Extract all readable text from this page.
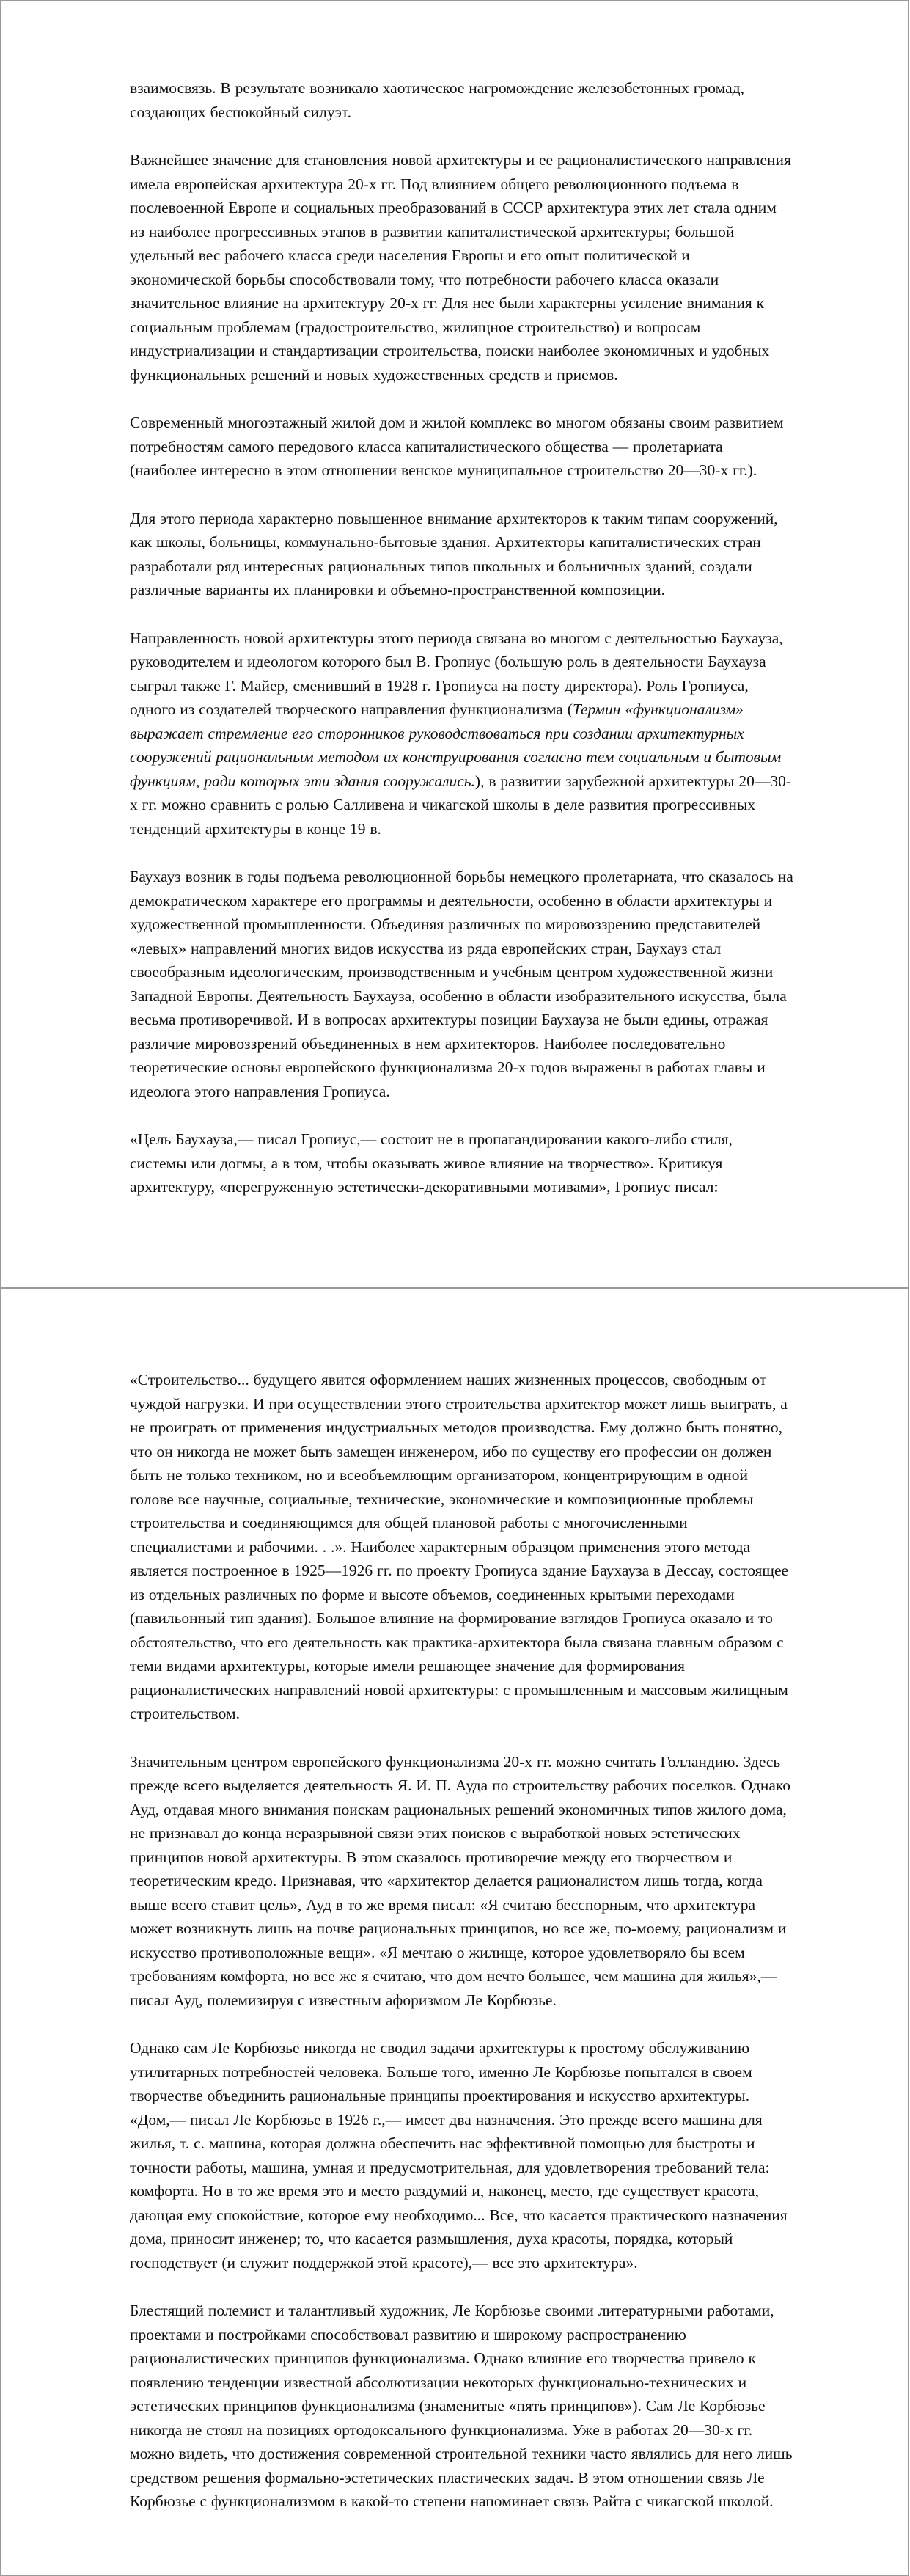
взаимосвязь. В результате возникало хаотическое нагромождение железобетонных громад, создающих беспокойный силуэт.

Важнейшее значение для становления новой архитектуры и ее рационалистического направления имела европейская архитектура 20-х гг. Под влиянием общего революционного подъема в послевоенной Европе и социальных преобразований в СССР архитектура этих лет стала одним из наиболее прогрессивных этапов в развитии капиталистической архитектуры; большой удельный вес рабочего класса среди населения Европы и его опыт политической и экономической борьбы способствовали тому, что потребности рабочего класса оказали значительное влияние на архитектуру 20-х гг. Для нее были характерны усиление внимания к социальным проблемам (градостроительство, жилищное строительство) и вопросам индустриализации и стандартизации строительства, поиски наиболее экономичных и удобных функциональных решений и новых художественных средств и приемов.

Современный многоэтажный жилой дом и жилой комплекс во многом обязаны своим развитием потребностям самого передового класса капиталистического общества — пролетариата (наиболее интересно в этом отношении венское муниципальное строительство 20—30-х гг.).

Для этого периода характерно повышенное внимание архитекторов к таким типам сооружений, как школы, больницы, коммунально-бытовые здания. Архитекторы капиталистических стран разработали ряд интересных рациональных типов школьных и больничных зданий, создали различные варианты их планировки и объемно-пространственной композиции.

Направленность новой архитектуры этого периода связана во многом с деятельностью Баухауза, руководителем и идеологом которого был В. Гропиус (большую роль в деятельности Баухауза сыграл также Г. Майер, сменивший в 1928 г. Гропиуса на посту директора). Роль Гропиуса, одного из создателей творческого направления функционализма (Термин «функционализм» выражает стремление его сторонников руководствоваться при создании архитектурных сооружений рациональным методом их конструирования согласно тем социальным и бытовым функциям, ради которых эти здания сооружались.), в развитии зарубежной архитектуры 20—30-х гг. можно сравнить с ролью Салливена и чикагской школы в деле развития прогрессивных тенденций архитектуры в конце 19 в.

Баухауз возник в годы подъема революционной борьбы немецкого пролетариата, что сказалось на демократическом характере его программы и деятельности, особенно в области архитектуры и художественной промышленности. Объединяя различных по мировоззрению представителей «левых» направлений многих видов искусства из ряда европейских стран, Баухауз стал своеобразным идеологическим, производственным и учебным центром художественной жизни Западной Европы. Деятельность Баухауза, особенно в области изобразительного искусства, была весьма противоречивой. И в вопросах архитектуры позиции Баухауза не были едины, отражая различие мировоззрений объединенных в нем архитекторов. Наиболее последовательно теоретические основы европейского функционализма 20-х годов выражены в работах главы и идеолога этого направления Гропиуса.

«Цель Баухауза,— писал Гропиус,— состоит не в пропагандировании какого-либо стиля, системы или догмы, а в том, чтобы оказывать живое влияние на творчество». Критикуя архитектуру, «перегруженную эстетически-декоративными мотивами», Гропиус писал:

«Строительство... будущего явится оформлением наших жизненных процессов, свободным от чуждой нагрузки. И при осуществлении этого строительства архитектор может лишь выиграть, а не проиграть от применения индустриальных методов производства. Ему должно быть понятно, что он никогда не может быть замещен инженером, ибо по существу его профессии он должен быть не только техником, но и всеобъемлющим организатором, концентрирующим в одной голове все научные, социальные, технические, экономические и композиционные проблемы строительства и соединяющимся для общей плановой работы с многочисленными специалистами и рабочими. . .». Наиболее характерным образцом применения этого метода является построенное в 1925—1926 гг. по проекту Гропиуса здание Баухауза в Дессау, состоящее из отдельных различных по форме и высоте объемов, соединенных крытыми переходами (павильонный тип здания). Большое влияние на формирование взглядов Гропиуса оказало и то обстоятельство, что его деятельность как практика-архитектора была связана главным образом с теми видами архитектуры, которые имели решающее значение для формирования рационалистических направлений новой архитектуры: с промышленным и массовым жилищным строительством.

Значительным центром европейского функционализма 20-х гг. можно считать Голландию. Здесь прежде всего выделяется деятельность Я. И. П. Ауда по строительству рабочих поселков. Однако Ауд, отдавая много внимания поискам рациональных решений экономичных типов жилого дома, не признавал до конца неразрывной связи этих поисков с выработкой новых эстетических принципов новой архитектуры. В этом сказалось противоречие между его творчеством и теоретическим кредо. Признавая, что «архитектор делается рационалистом лишь тогда, когда выше всего ставит цель», Ауд в то же время писал: «Я считаю бесспорным, что архитектура может возникнуть лишь на почве рациональных принципов, но все же, по-моему, рационализм и искусство противоположные вещи». «Я мечтаю о жилище, которое удовлетворяло бы всем требованиям комфорта, но все же я считаю, что дом нечто большее, чем машина для жилья»,— писал Ауд, полемизируя с известным афоризмом Ле Корбюзье.

Однако сам Ле Корбюзье никогда не сводил задачи архитектуры к простому обслуживанию утилитарных потребностей человека. Больше того, именно Ле Корбюзье попытался в своем творчестве объединить рациональные принципы проектирования и искусство архитектуры. «Дом,— писал Ле Корбюзье в 1926 г.,— имеет два назначения. Это прежде всего машина для жилья, т. с. машина, которая должна обеспечить нас эффективной помощью для быстроты и точности работы, машина, умная и предусмотрительная, для удовлетворения требований тела: комфорта. Но в то же время это и место раздумий и, наконец, место, где существует красота, дающая ему спокойствие, которое ему необходимо... Все, что касается практического назначения дома, приносит инженер; то, что касается размышления, духа красоты, порядка, который господствует (и служит поддержкой этой красоте),— все это архитектура».

Блестящий полемист и талантливый художник, Ле Корбюзье своими литературными работами, проектами и постройками способствовал развитию и широкому распространению рационалистических принципов функционализма. Однако влияние его творчества привело к появлению тенденции известной абсолютизации некоторых функционально-технических и эстетических принципов функционализма (знаменитые «пять принципов»). Сам Ле Корбюзье никогда не стоял на позициях ортодоксального функционализма. Уже в работах 20—30-х гг. можно видеть, что достижения современной строительной техники часто являлись для него лишь средством решения формально-эстетических пластических задач. В этом отношении связь Ле Корбюзье с функционализмом в какой-то степени напоминает связь Райта с чикагской школой.
